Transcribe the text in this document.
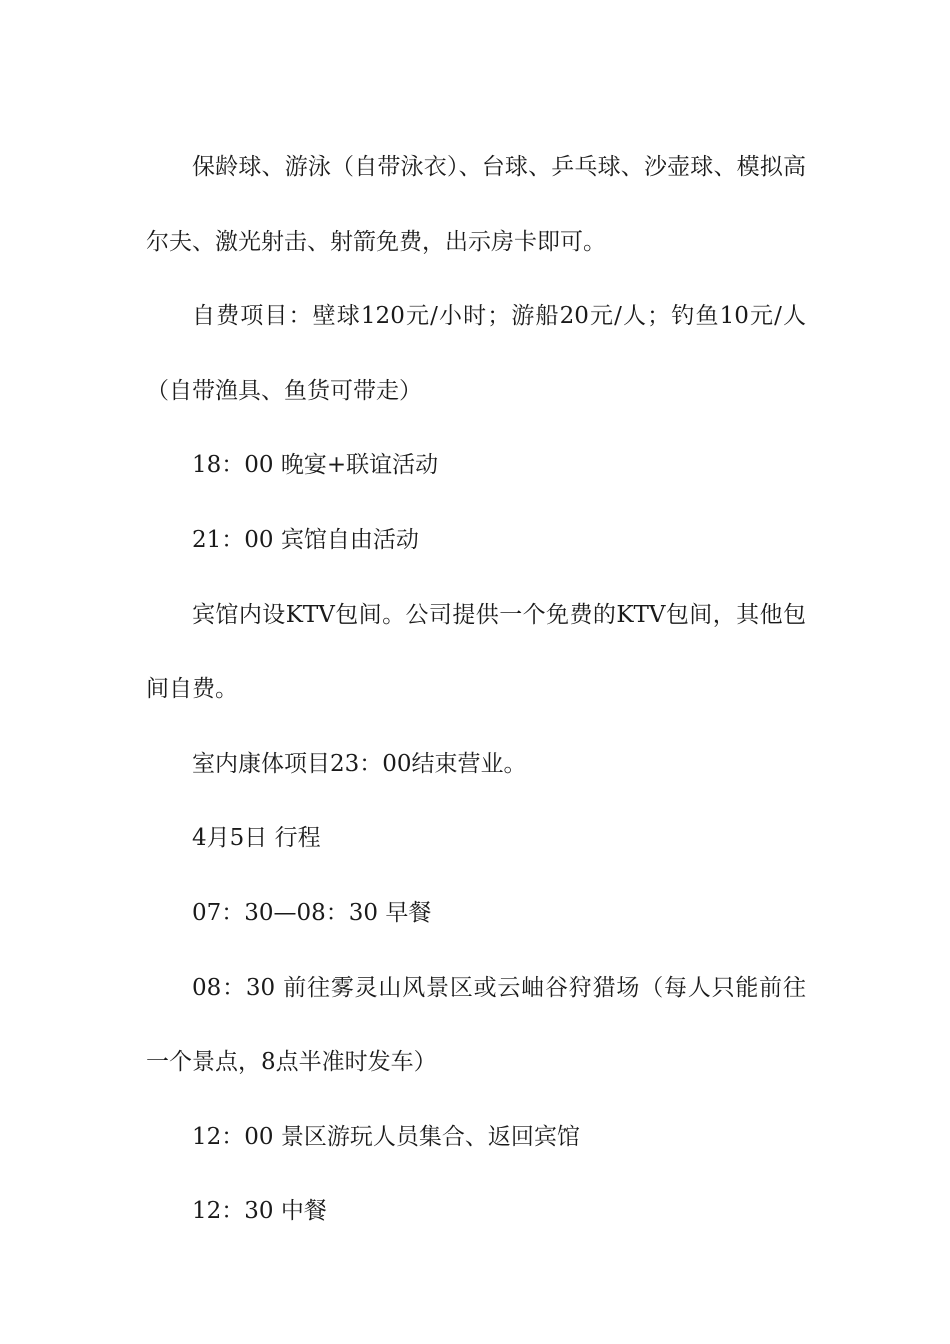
保龄球、游泳（自带泳衣）、台球、乒乓球、沙壶球、模拟高尔夫、激光射击、射箭免费，出示房卡即可。

自费项目：壁球120元/小时；游船20元/人；钓鱼10元/人（自带渔具、鱼货可带走）

18：00 晚宴+联谊活动

21：00 宾馆自由活动

宾馆内设KTV包间。公司提供一个免费的KTV包间，其他包间自费。

室内康体项目23：00结束营业。

4月5日 行程

07：30—08：30 早餐

08：30 前往雾灵山风景区或云岫谷狩猎场（每人只能前往一个景点，8点半准时发车）

12：00 景区游玩人员集合、返回宾馆

12：30 中餐
